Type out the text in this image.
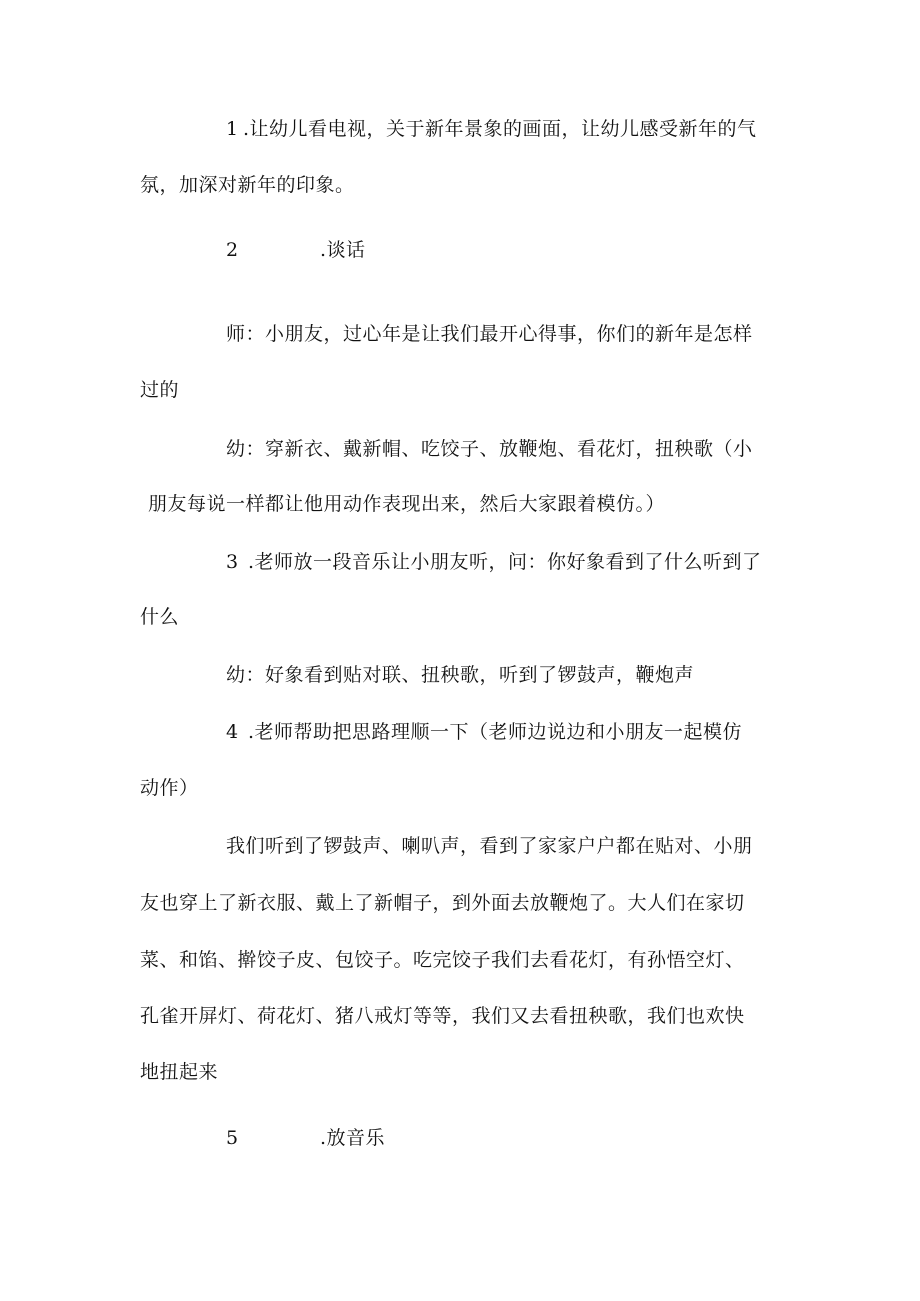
1 .让幼儿看电视，关于新年景象的画面，让幼儿感受新年的气
氛，加深对新年的印象。
2	.谈话
师：小朋友，过心年是让我们最开心得事，你们的新年是怎样
过的
幼：穿新衣、戴新帽、吃饺子、放鞭炮、看花灯，扭秧歌（小
朋友每说一样都让他用动作表现出来，然后大家跟着模仿。）
3 .老师放一段音乐让小朋友听，问：你好象看到了什么听到了
什么
幼：好象看到贴对联、扭秧歌，听到了锣鼓声，鞭炮声
4 .老师帮助把思路理顺一下（老师边说边和小朋友一起模仿
动作）
我们听到了锣鼓声、喇叭声，看到了家家户户都在贴对、小朋
友也穿上了新衣服、戴上了新帽子，到外面去放鞭炮了。大人们在家切
菜、和馅、擀饺子皮、包饺子。吃完饺子我们去看花灯，有孙悟空灯、
孔雀开屏灯、荷花灯、猪八戒灯等等，我们又去看扭秧歌，我们也欢快
地扭起来
5	.放音乐
